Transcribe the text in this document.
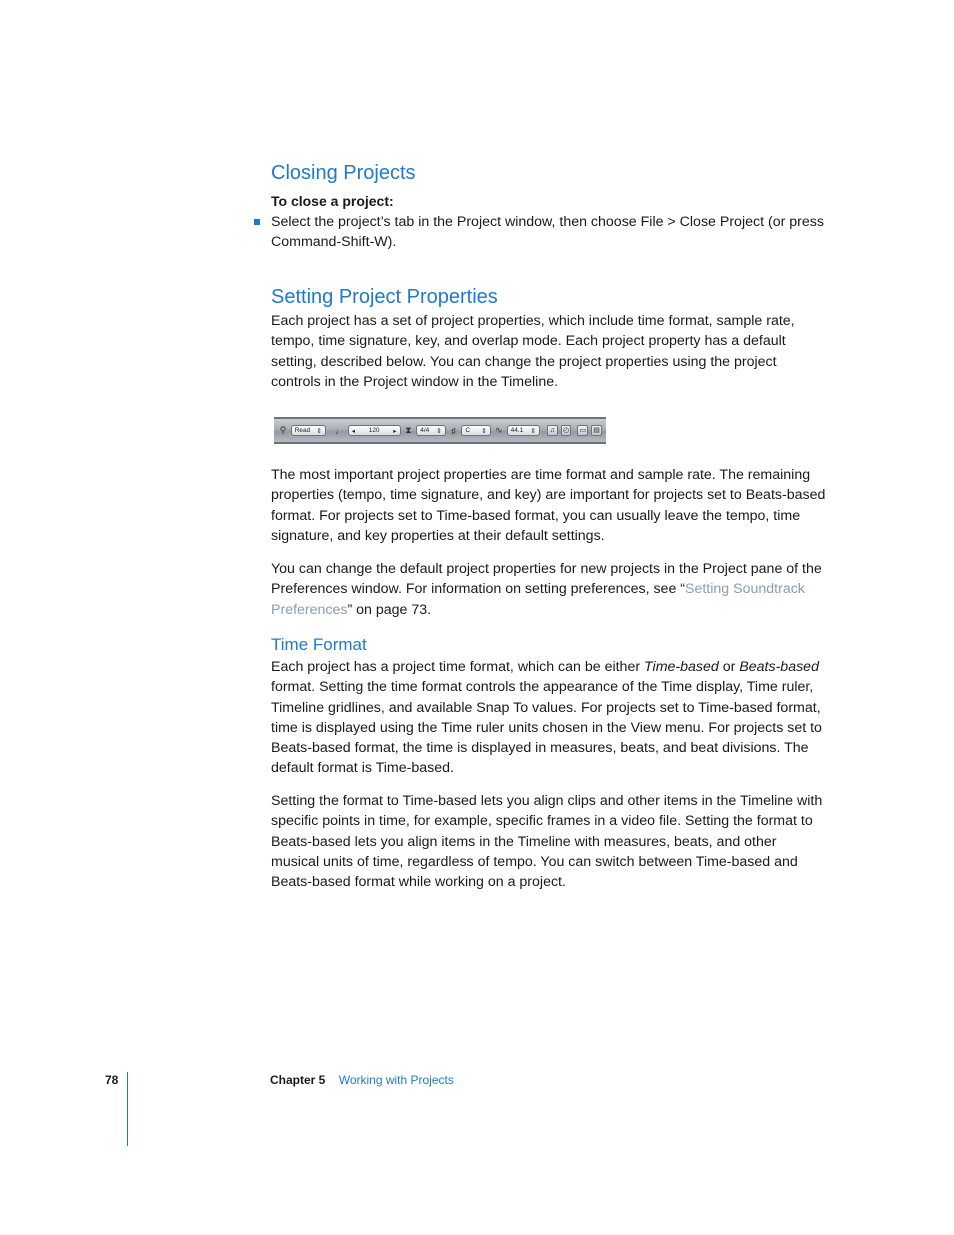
Closing Projects

To close a project:

Select the project’s tab in the Project window, then choose File > Close Project (or press Command-Shift-W).

Setting Project Properties

Each project has a set of project properties, which include time format, sample rate, tempo, time signature, key, and overlap mode. Each project property has a default setting, described below. You can change the project properties using the project controls in the Project window in the Timeline.

⚲ Read ⇕ ♩ ◂ 120 ▸ ⧗ 4/4 ⇕ ♯	C ⇕ ∿ 44.1 ⇕	♫	◴	▭ ▤

The most important project properties are time format and sample rate. The remaining properties (tempo, time signature, and key) are important for projects set to Beats-based format. For projects set to Time-based format, you can usually leave the tempo, time signature, and key properties at their default settings.

You can change the default project properties for new projects in the Project pane of the Preferences window. For information on setting preferences, see “Setting Soundtrack Preferences” on page 73.

Time Format

Each project has a project time format, which can be either Time-based or Beats-based format. Setting the time format controls the appearance of the Time display, Time ruler, Timeline gridlines, and available Snap To values. For projects set to Time-based format, time is displayed using the Time ruler units chosen in the View menu. For projects set to Beats-based format, the time is displayed in measures, beats, and beat divisions. The default format is Time-based.

Setting the format to Time-based lets you align clips and other items in the Timeline with specific points in time, for example, specific frames in a video file. Setting the format to Beats-based lets you align items in the Timeline with measures, beats, and other musical units of time, regardless of tempo. You can switch between Time-based and Beats-based format while working on a project.

78	Chapter 5 Working with Projects
